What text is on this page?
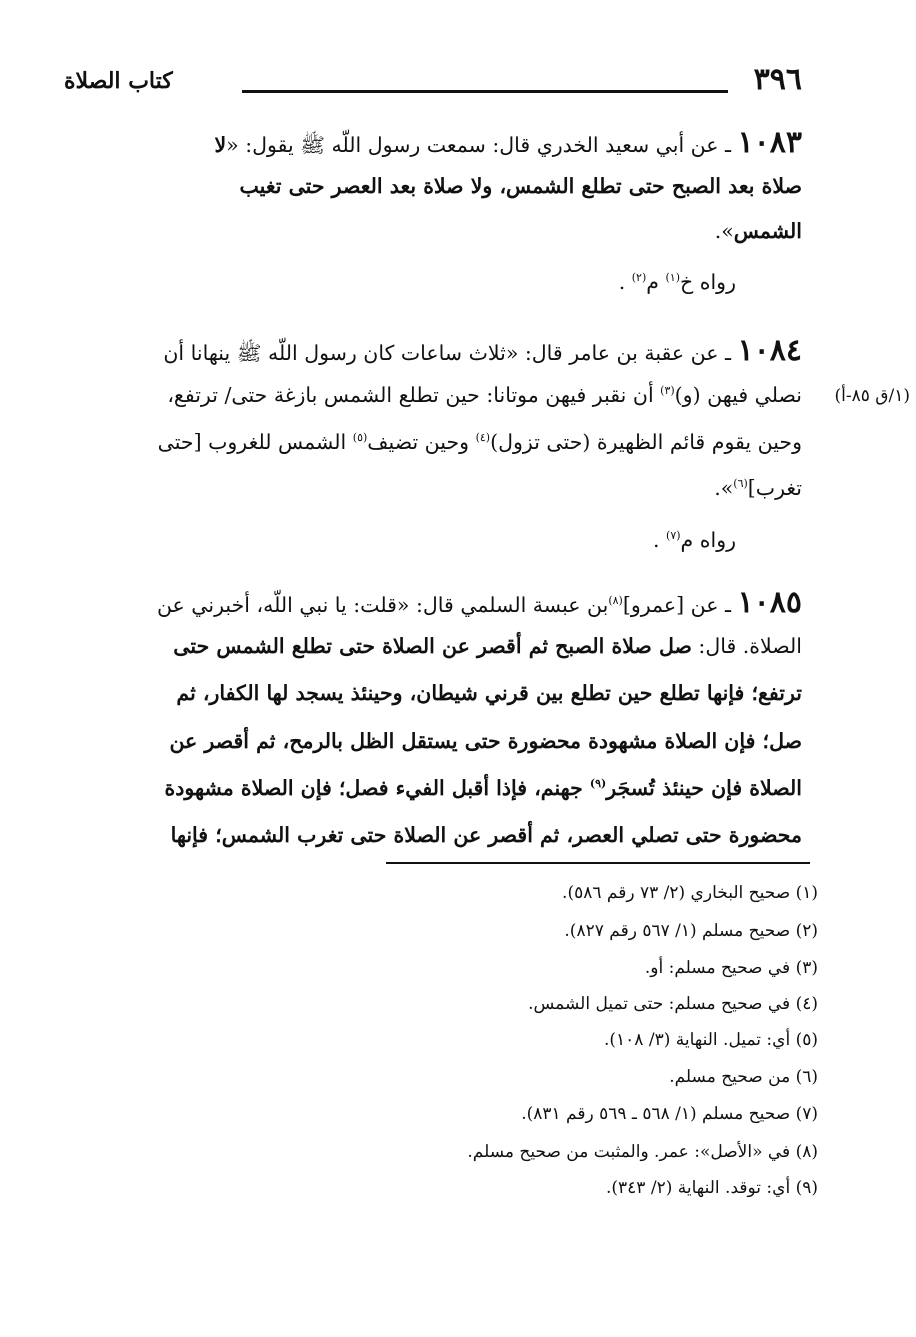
٣٩٦
كتاب الصلاة
١٠٨٣ ـ عن أبي سعيد الخدري قال: سمعت رسول اللّه ﷺ يقول: «لا
صلاة بعد الصبح حتى تطلع الشمس، ولا صلاة بعد العصر حتى تغيب
الشمس».
رواه خ$^{(١)}$ م$^{(٢)}$ .
١٠٨٤ ـ عن عقبة بن عامر قال: «ثلاث ساعات كان رسول اللّه ﷺ ينهانا أن
(١/ق ٨٥-أ)
نصلي فيهن (و)$^{(٣)}$ أن نقبر فيهن موتانا: حين تطلع الشمس بازغة حتى/ ترتفع،
وحين يقوم قائم الظهيرة (حتى تزول)$^{(٤)}$ وحين تضيف$^{(٥)}$ الشمس للغروب [حتى
تغرب]$^{(٦)}$».
رواه م$^{(٧)}$ .
١٠٨٥ ـ عن [عمرو]$^{(٨)}$بن عبسة السلمي قال: «قلت: يا نبي اللّه، أخبرني عن
الصلاة. قال: صل صلاة الصبح ثم أقصر عن الصلاة حتى تطلع الشمس حتى
ترتفع؛ فإنها تطلع حين تطلع بين قرني شيطان، وحينئذ يسجد لها الكفار، ثم
صل؛ فإن الصلاة مشهودة محضورة حتى يستقل الظل بالرمح، ثم أقصر عن
الصلاة فإن حينئذ تُسجَر$^{(٩)}$ جهنم، فإذا أقبل الفيء فصل؛ فإن الصلاة مشهودة
محضورة حتى تصلي العصر، ثم أقصر عن الصلاة حتى تغرب الشمس؛ فإنها
(١) صحيح البخاري (٢/ ٧٣ رقم ٥٨٦).
(٢) صحيح مسلم (١/ ٥٦٧ رقم ٨٢٧).
(٣) في صحيح مسلم: أو.
(٤) في صحيح مسلم: حتى تميل الشمس.
(٥) أي: تميل. النهاية (٣/ ١٠٨).
(٦) من صحيح مسلم.
(٧) صحيح مسلم (١/ ٥٦٨ ـ ٥٦٩ رقم ٨٣١).
(٨) في «الأصل»: عمر. والمثبت من صحيح مسلم.
(٩) أي: توقد. النهاية (٢/ ٣٤٣).
